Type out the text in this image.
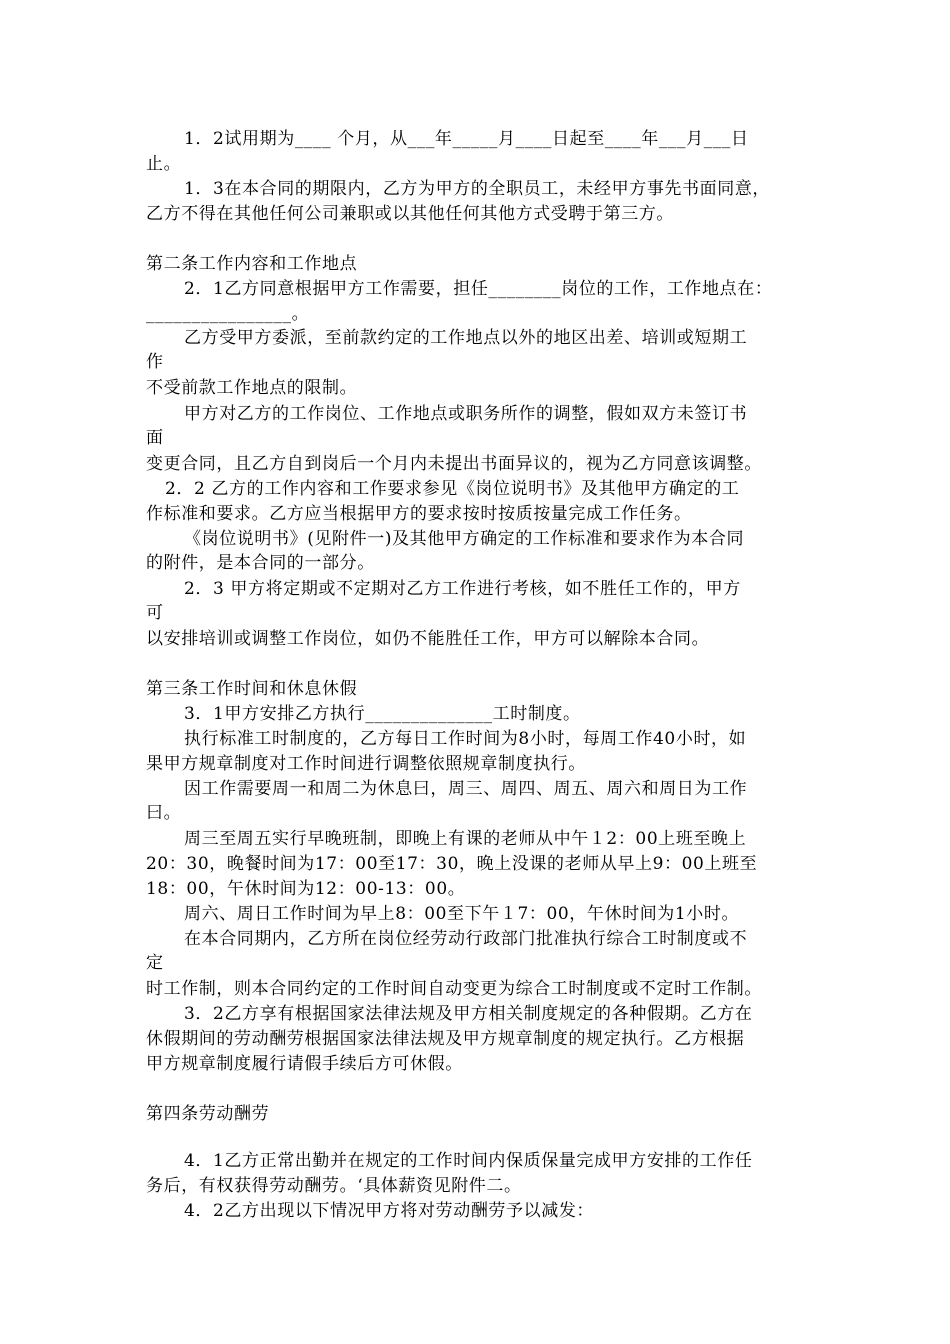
1．2试用期为____ 个月，从___年_____月____日起至____年___月___日
止。
1．3在本合同的期限内，乙方为甲方的全职员工，未经甲方事先书面同意，
乙方不得在其他任何公司兼职或以其他任何其他方式受聘于第三方。
第二条工作内容和工作地点
2．1乙方同意根据甲方工作需要，担任________岗位的工作，工作地点在：
________________。
乙方受甲方委派，至前款约定的工作地点以外的地区出差、培训或短期工
作
不受前款工作地点的限制。
甲方对乙方的工作岗位、工作地点或职务所作的调整，假如双方未签订书
面
变更合同，且乙方自到岗后一个月内未提出书面异议的，视为乙方同意该调整。
2．2 乙方的工作内容和工作要求参见《岗位说明书》及其他甲方确定的工
作标准和要求。乙方应当根据甲方的要求按时按质按量完成工作任务。
《岗位说明书》(见附件一)及其他甲方确定的工作标准和要求作为本合同
的附件，是本合同的一部分。
2．3 甲方将定期或不定期对乙方工作进行考核，如不胜任工作的，甲方
可
以安排培训或调整工作岗位，如仍不能胜任工作，甲方可以解除本合同。
第三条工作时间和休息休假
3．1甲方安排乙方执行______________工时制度。
执行标准工时制度的，乙方每日工作时间为8小时，每周工作40小时，如
果甲方规章制度对工作时间进行调整依照规章制度执行。
因工作需要周一和周二为休息曰，周三、周四、周五、周六和周日为工作
曰。
周三至周五实行早晚班制，即晚上有课的老师从中午１2：00上班至晚上
20：30，晚餐时间为17：00至17：30，晚上没课的老师从早上9：00上班至
18：00，午休时间为12：00-13：00。
周六、周日工作时间为早上8：00至下午１7：00，午休时间为1小时。
在本合同期内，乙方所在岗位经劳动行政部门批准执行综合工时制度或不
定
时工作制，则本合同约定的工作时间自动变更为综合工时制度或不定时工作制。
3．2乙方享有根据国家法律法规及甲方相关制度规定的各种假期。乙方在
休假期间的劳动酬劳根据国家法律法规及甲方规章制度的规定执行。乙方根据
甲方规章制度履行请假手续后方可休假。
第四条劳动酬劳
4．1乙方正常出勤并在规定的工作时间内保质保量完成甲方安排的工作任
务后，有权获得劳动酬劳。‘具体薪资见附件二。
4．2乙方出现以下情况甲方将对劳动酬劳予以减发：
